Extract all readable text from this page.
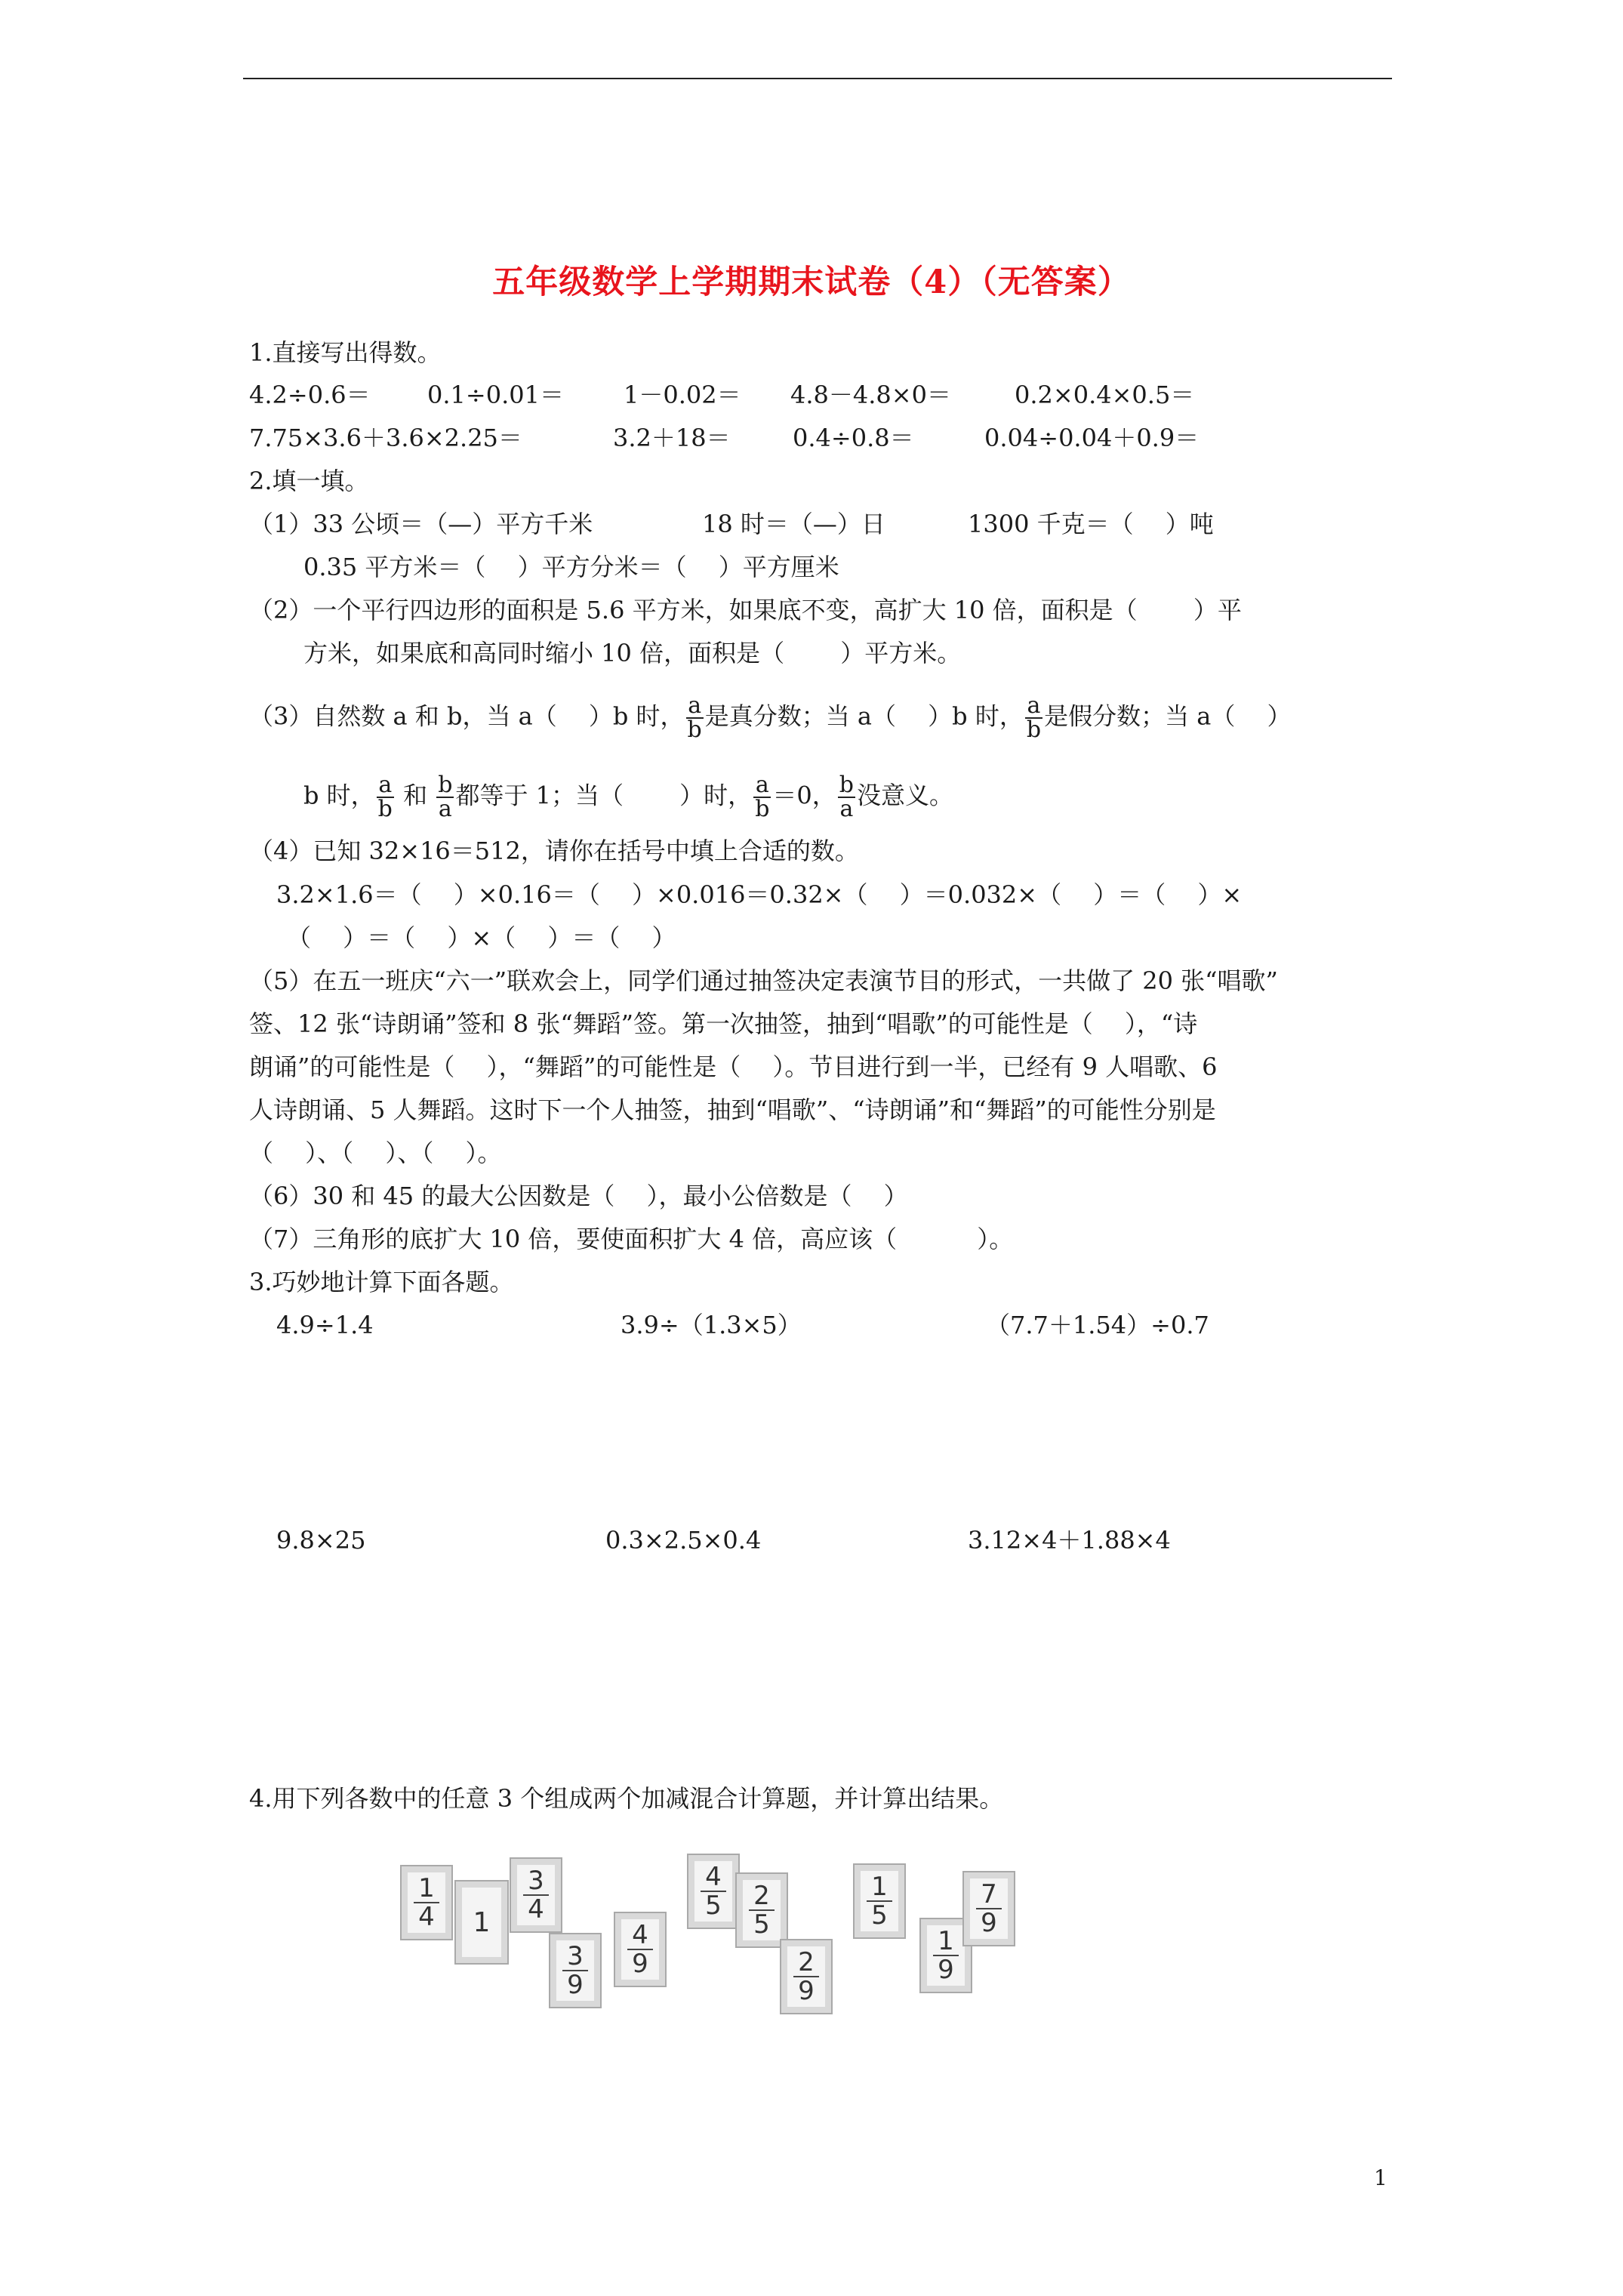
五年级数学上学期期末试卷（4）（无答案）
1.直接写出得数。
4.2÷0.6＝ 0.1÷0.01＝ 1－0.02＝ 4.8－4.8×0＝	0.2×0.4×0.5＝
7.75×3.6＋3.6×2.25＝	3.2＋18＝	0.4÷0.8＝	0.04÷0.04＋0.9＝
2.填一填。
（1）33 公顷＝（—）平方千米	18 时＝（—）日	1300 千克＝（　 ）吨
0.35 平方米＝（　 ）平方分米＝（　 ）平方厘米
（2）一个平行四边形的面积是 5.6 平方米，如果底不变，高扩大 10 倍，面积是（　　 ）平
方米，如果底和高同时缩小 10 倍，面积是（　　 ）平方米。
（3）自然数 a 和 b，当 a（　 ）b 时， $\frac{a}{b}$ 是真分数；当 a（　 ）b 时， $\frac{a}{b}$ 是假分数；当 a（　 ）
b 时， $\frac{a}{b}$ 和 $\frac{b}{a}$ 都等于 1；当（　　 ）时， $\frac{a}{b} =0$， $\frac{b}{a}$ 没意义。
（4）已知 32×16＝512，请你在括号中填上合适的数。
3.2×1.6＝（　 ）×0.16＝（　 ）×0.016＝0.32×（　 ）＝0.032×（　 ）＝（　 ）×
（　 ）＝（　 ）×（　 ）＝（　 ）
（5）在五一班庆“六一”联欢会上，同学们通过抽签决定表演节目的形式，一共做了 20 张“唱歌”
签、12 张“诗朗诵”签和 8 张“舞蹈”签。第一次抽签，抽到“唱歌”的可能性是（　 ），“诗
朗诵”的可能性是（　 ），“舞蹈”的可能性是（　 ）。节目进行到一半，已经有 9 人唱歌、6
人诗朗诵、5 人舞蹈。这时下一个人抽签，抽到“唱歌”、“诗朗诵”和“舞蹈”的可能性分别是
（　 ）、（　 ）、（　 ）。
（6）30 和 45 的最大公因数是（　 ），最小公倍数是（　 ）
（7）三角形的底扩大 10 倍，要使面积扩大 4 倍，高应该（　　　 ）。
3.巧妙地计算下面各题。
4.9÷1.4	3.9÷（1.3×5）	（7.7＋1.54）÷0.7
9.8×25	0.3×2.5×0.4	3.12×4＋1.88×4
4.用下列各数中的任意 3 个组成两个加减混合计算题，并计算出结果。
$\frac{1}{4} 1 \frac{3}{4}$
$\frac{3}{9} \frac{4}{9}$
$\frac{4}{5} \frac{2}{5}$
$\frac{2}{9}$
$\frac{1}{5}$
$\frac{1}{9}$
$\frac{7}{9}$
1
